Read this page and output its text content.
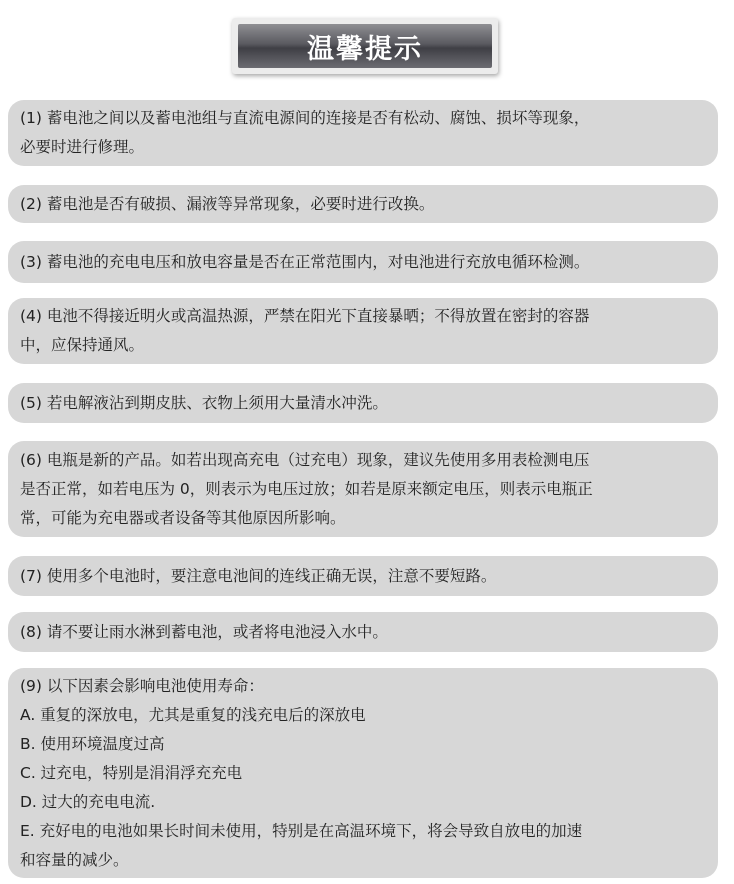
温馨提示
(1) 蓄电池之间以及蓄电池组与直流电源间的连接是否有松动、腐蚀、损坏等现象，
必要时进行修理。
(2) 蓄电池是否有破损、漏液等异常现象，必要时进行改换。
(3) 蓄电池的充电电压和放电容量是否在正常范围内，对电池进行充放电循环检测。
(4) 电池不得接近明火或高温热源，严禁在阳光下直接暴晒；不得放置在密封的容器
中，应保持通风。
(5) 若电解液沾到期皮肤、衣物上须用大量清水冲洗。
(6) 电瓶是新的产品。如若出现高充电（过充电）现象，建议先使用多用表检测电压
是否正常，如若电压为 0，则表示为电压过放；如若是原来额定电压，则表示电瓶正
常，可能为充电器或者设备等其他原因所影响。
(7) 使用多个电池时，要注意电池间的连线正确无误，注意不要短路。
(8) 请不要让雨水淋到蓄电池，或者将电池浸入水中。
(9) 以下因素会影响电池使用寿命：
A. 重复的深放电，尤其是重复的浅充电后的深放电
B. 使用环境温度过高
C. 过充电，特别是涓涓浮充充电
D. 过大的充电电流.
E. 充好电的电池如果长时间未使用，特别是在高温环境下，将会导致自放电的加速
和容量的减少。
